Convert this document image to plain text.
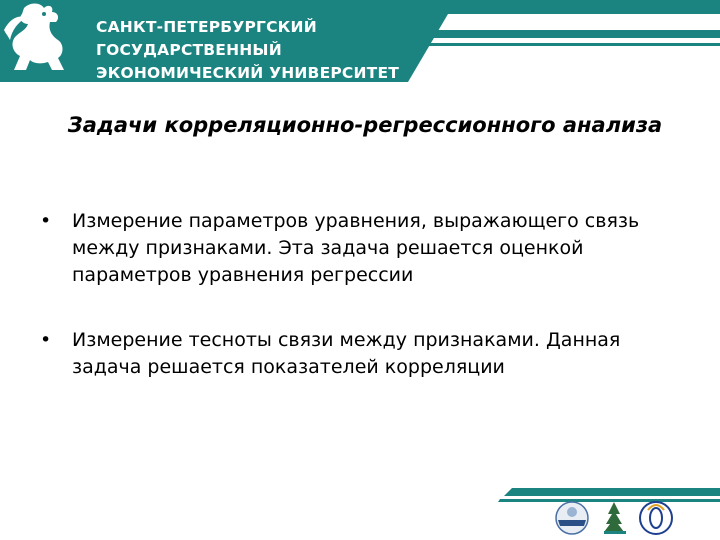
САНКТ-ПЕТЕРБУРГСКИЙ
ГОСУДАРСТВЕННЫЙ
ЭКОНОМИЧЕСКИЙ УНИВЕРСИТЕТ
Задачи корреляционно-регрессионного анализа
• Измерение параметров уравнения, выражающего связь между признаками. Эта задача решается оценкой параметров уравнения регрессии
• Измерение тесноты связи между признаками. Данная задача решается показателей корреляции
